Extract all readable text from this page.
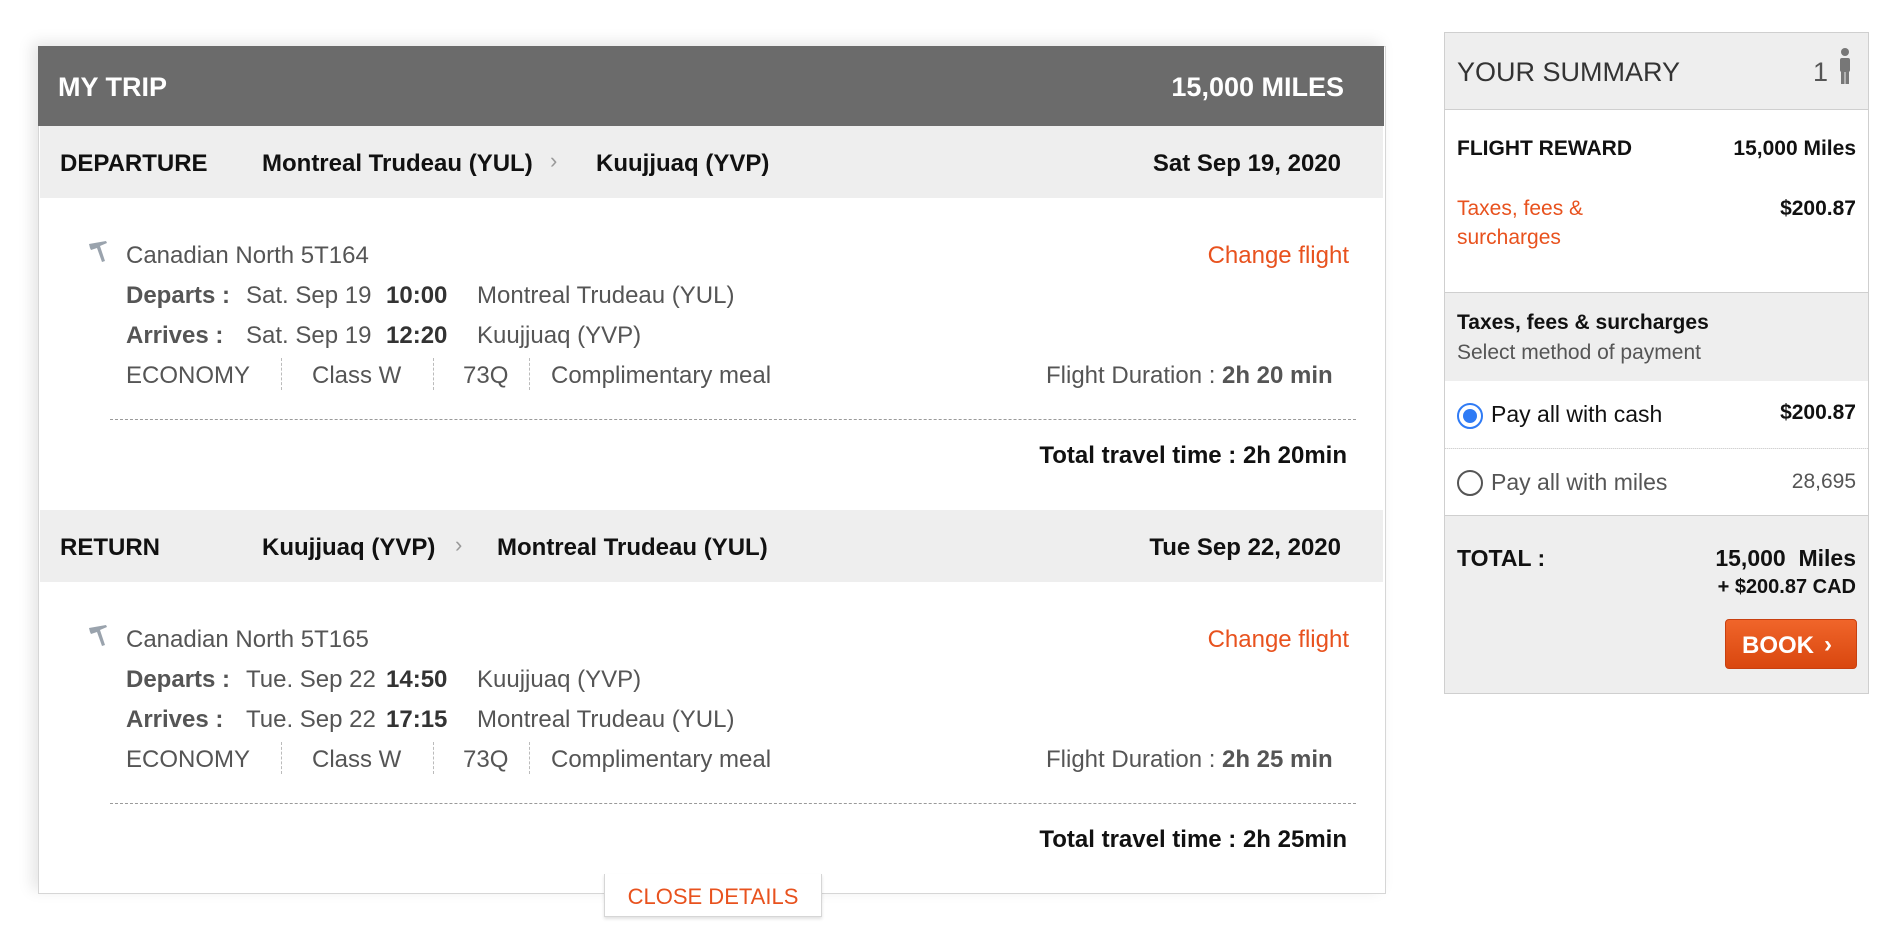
MY TRIP	15,000 MILES
DEPARTURE Montreal Trudeau (YUL) › Kuujjuaq (YVP)	Sat Sep 19, 2020
Canadian North 5T164	Change flight
Departs : Sat. Sep 19 10:00 Montreal Trudeau (YUL)
Arrives : Sat. Sep 19 12:20 Kuujjuaq (YVP)
ECONOMY	Class W	73Q Complimentary meal	Flight Duration : 2h 20 min
Total travel time : 2h 20min
RETURN	Kuujjuaq (YVP) › Montreal Trudeau (YUL)	Tue Sep 22, 2020
Canadian North 5T165	Change flight
Departs : Tue. Sep 22 14:50 Kuujjuaq (YVP)
Arrives : Tue. Sep 22 17:15 Montreal Trudeau (YUL)
ECONOMY	Class W	73Q Complimentary meal	Flight Duration : 2h 25 min
Total travel time : 2h 25min
CLOSE DETAILS
YOUR SUMMARY	1
FLIGHT REWARD	15,000 Miles
Taxes, fees &
surcharges
$200.87
Taxes, fees & surcharges
Select method of payment
Pay all with cash	$200.87
Pay all with miles	28,695
TOTAL :	15,000  Miles
+ $200.87 CAD
BOOK ›
